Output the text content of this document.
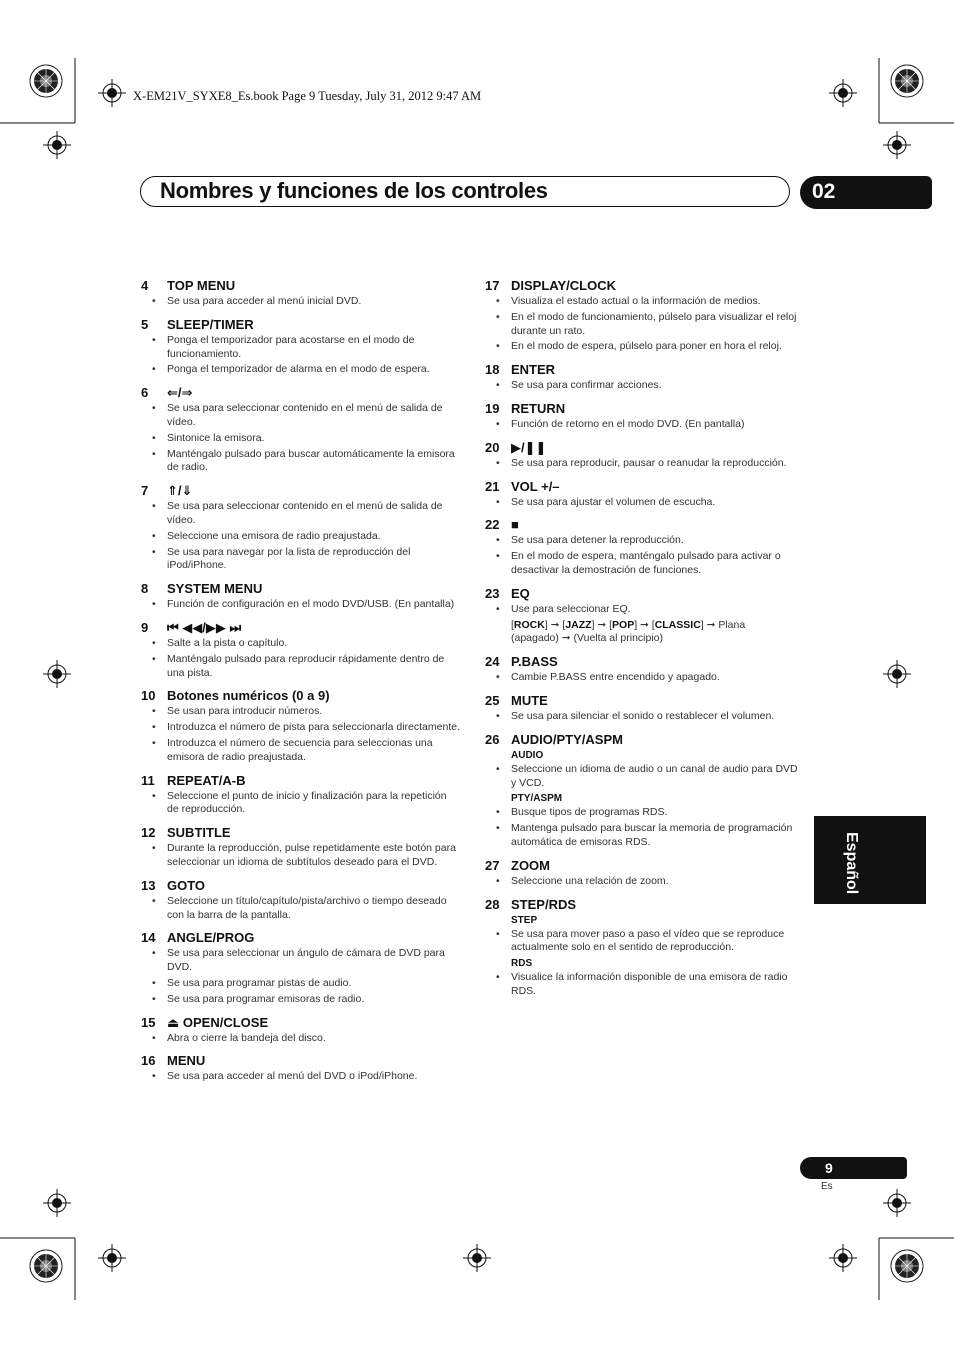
X-EM21V_SYXE8_Es.book Page 9 Tuesday, July 31, 2012 9:47 AM
Nombres y funciones de los controles	02
Español
9
Es
4	TOP MENU
• Se usa para acceder al menú inicial DVD.
5	SLEEP/TIMER
• Ponga el temporizador para acostarse en el modo de funcionamiento.
• Ponga el temporizador de alarma en el modo de espera.
6	⇐/⇒
• Se usa para seleccionar contenido en el menú de salida de vídeo.
• Sintonice la emisora.
• Manténgalo pulsado para buscar automáticamente la emisora de radio.
7	⇑/⇓
• Se usa para seleccionar contenido en el menú de salida de vídeo.
• Seleccione una emisora de radio preajustada.
• Se usa para navegar por la lista de reproducción del iPod/iPhone.
8	SYSTEM MENU
• Función de configuración en el modo DVD/USB. (En pantalla)
9	⏮ ◀◀/▶▶ ⏭
• Salte a la pista o capítulo.
• Manténgalo pulsado para reproducir rápidamente dentro de una pista.
10 Botones numéricos (0 a 9)
• Se usan para introducir números.
• Introduzca el número de pista para seleccionarla directamente.
• Introduzca el número de secuencia para seleccionas una emisora de radio preajustada.
11 REPEAT/A-B
• Seleccione el punto de inicio y finalización para la repetición de reproducción.
12 SUBTITLE
• Durante la reproducción, pulse repetidamente este botón para seleccionar un idioma de subtítulos deseado para el DVD.
13 GOTO
• Seleccione un título/capítulo/pista/archivo o tiempo deseado con la barra de la pantalla.
14 ANGLE/PROG
• Se usa para seleccionar un ángulo de cámara de DVD para DVD.
• Se usa para programar pistas de audio.
• Se usa para programar emisoras de radio.
15 ⏏ OPEN/CLOSE
• Abra o cierre la bandeja del disco.
16 MENU
• Se usa para acceder al menú del DVD o iPod/iPhone.
17 DISPLAY/CLOCK
• Visualiza el estado actual o la información de medios.
• En el modo de funcionamiento, púlselo para visualizar el reloj durante un rato.
• En el modo de espera, púlselo para poner en hora el reloj.
18 ENTER
• Se usa para confirmar acciones.
19 RETURN
• Función de retorno en el modo DVD. (En pantalla)
20 ▶/❚❚
• Se usa para reproducir, pausar o reanudar la reproducción.
21 VOL +/–
• Se usa para ajustar el volumen de escucha.
22 ■
• Se usa para detener la reproducción.
• En el modo de espera, manténgalo pulsado para activar o desactivar la demostración de funciones.
23 EQ
• Use para seleccionar EQ.
[ROCK] ➞ [JAZZ] ➞ [POP] ➞ [CLASSIC] ➞ Plana
(apagado) ➞ (Vuelta al principio)
24 P.BASS
• Cambie P.BASS entre encendido y apagado.
25 MUTE
• Se usa para silenciar el sonido o restablecer el volumen.
26 AUDIO/PTY/ASPM
AUDIO
• Seleccione un idioma de audio o un canal de audio para DVD y VCD.
PTY/ASPM
• Busque tipos de programas RDS.
• Mantenga pulsado para buscar la memoria de programación automática de emisoras RDS.
27 ZOOM
• Seleccione una relación de zoom.
28 STEP/RDS
STEP
• Se usa para mover paso a paso el vídeo que se reproduce actualmente solo en el sentido de reproducción.
RDS
• Visualice la información disponible de una emisora de radio RDS.
